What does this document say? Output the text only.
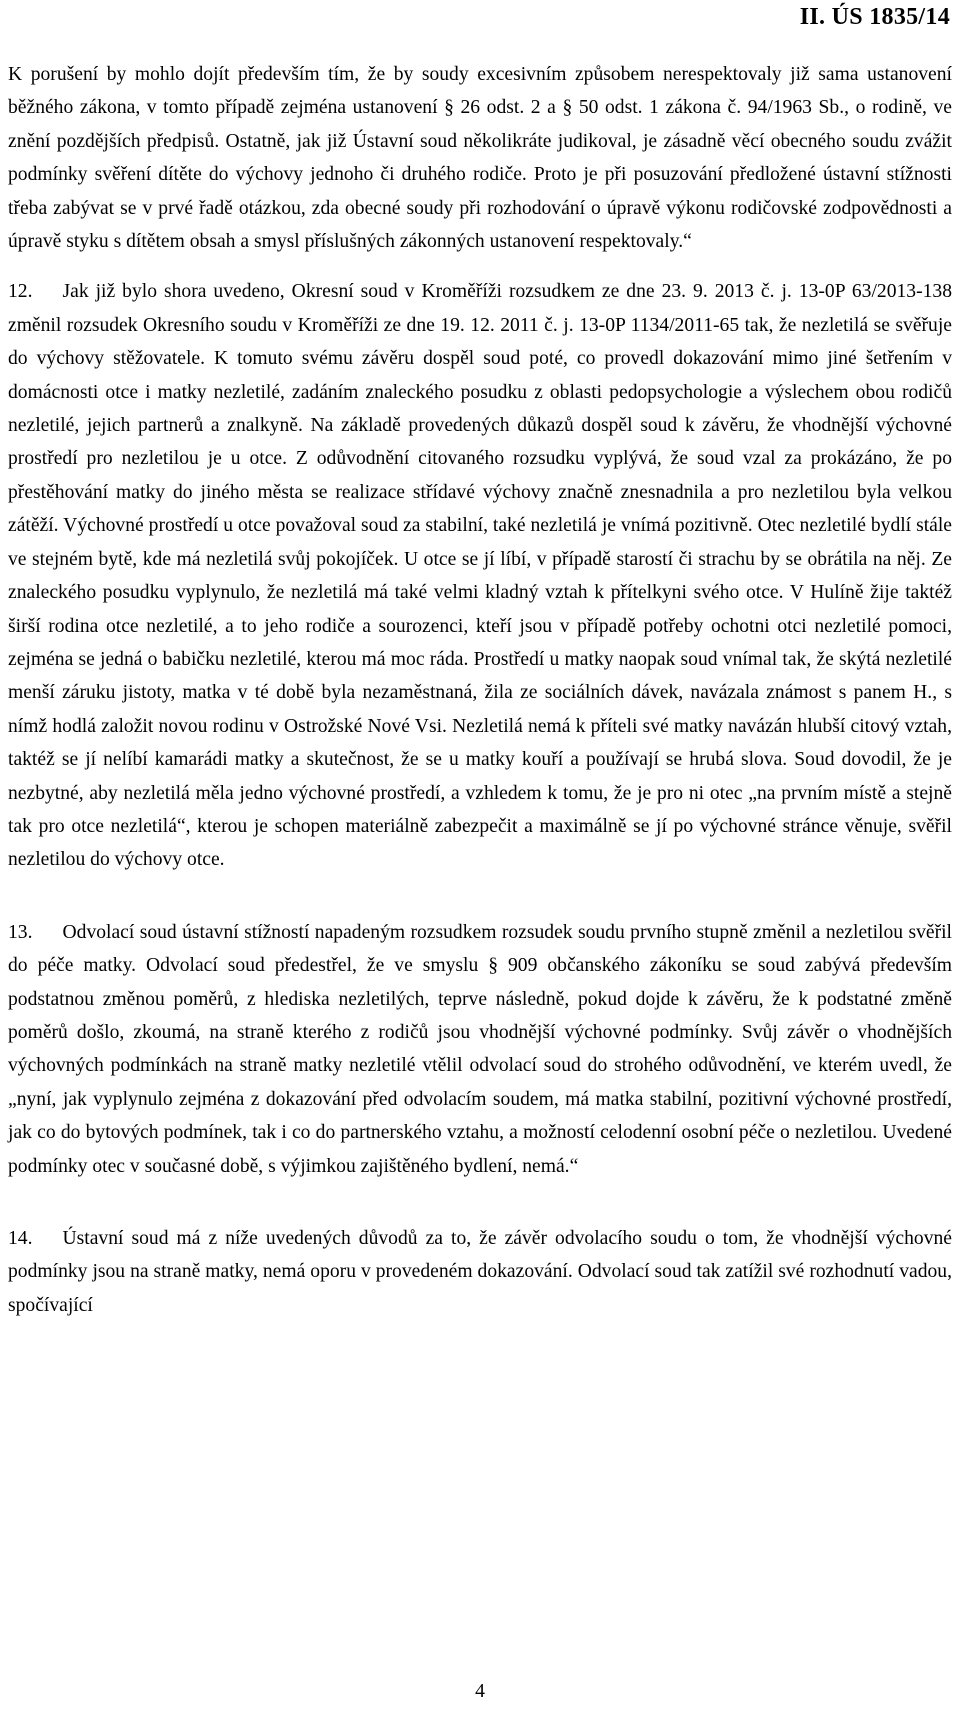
II. ÚS 1835/14

K porušení by mohlo dojít především tím, že by soudy excesivním způsobem nerespektovaly již sama ustanovení běžného zákona, v tomto případě zejména ustanovení § 26 odst. 2 a § 50 odst. 1 zákona č. 94/1963 Sb., o rodině, ve znění pozdějších předpisů. Ostatně, jak již Ústavní soud několikráte judikoval, je zásadně věcí obecného soudu zvážit podmínky svěření dítěte do výchovy jednoho či druhého rodiče. Proto je při posuzování předložené ústavní stížnosti třeba zabývat se v prvé řadě otázkou, zda obecné soudy při rozhodování o úpravě výkonu rodičovské zodpovědnosti a úpravě styku s dítětem obsah a smysl příslušných zákonných ustanovení respektovaly.“

12. Jak již bylo shora uvedeno, Okresní soud v Kroměříži rozsudkem ze dne 23. 9. 2013 č. j. 13-0P 63/2013-138 změnil rozsudek Okresního soudu v Kroměříži ze dne 19. 12. 2011 č. j. 13-0P 1134/2011-65 tak, že nezletilá se svěřuje do výchovy stěžovatele. K tomuto svému závěru dospěl soud poté, co provedl dokazování mimo jiné šetřením v domácnosti otce i matky nezletilé, zadáním znaleckého posudku z oblasti pedopsychologie a výslechem obou rodičů nezletilé, jejich partnerů a znalkyně. Na základě provedených důkazů dospěl soud k závěru, že vhodnější výchovné prostředí pro nezletilou je u otce. Z odůvodnění citovaného rozsudku vyplývá, že soud vzal za prokázáno, že po přestěhování matky do jiného města se realizace střídavé výchovy značně znesnadnila a pro nezletilou byla velkou zátěží. Výchovné prostředí u otce považoval soud za stabilní, také nezletilá je vnímá pozitivně. Otec nezletilé bydlí stále ve stejném bytě, kde má nezletilá svůj pokojíček. U otce se jí líbí, v případě starostí či strachu by se obrátila na něj. Ze znaleckého posudku vyplynulo, že nezletilá má také velmi kladný vztah k přítelkyni svého otce. V Hulíně žije taktéž širší rodina otce nezletilé, a to jeho rodiče a sourozenci, kteří jsou v případě potřeby ochotni otci nezletilé pomoci, zejména se jedná o babičku nezletilé, kterou má moc ráda. Prostředí u matky naopak soud vnímal tak, že skýtá nezletilé menší záruku jistoty, matka v té době byla nezaměstnaná, žila ze sociálních dávek, navázala známost s panem H., s nímž hodlá založit novou rodinu v Ostrožské Nové Vsi. Nezletilá nemá k příteli své matky navázán hlubší citový vztah, taktéž se jí nelíbí kamarádi matky a skutečnost, že se u matky kouří a používají se hrubá slova. Soud dovodil, že je nezbytné, aby nezletilá měla jedno výchovné prostředí, a vzhledem k tomu, že je pro ni otec „na prvním místě a stejně tak pro otce nezletilá“, kterou je schopen materiálně zabezpečit a maximálně se jí po výchovné stránce věnuje, svěřil nezletilou do výchovy otce.

13. Odvolací soud ústavní stížností napadeným rozsudkem rozsudek soudu prvního stupně změnil a nezletilou svěřil do péče matky. Odvolací soud předestřel, že ve smyslu § 909 občanského zákoníku se soud zabývá především podstatnou změnou poměrů, z hlediska nezletilých, teprve následně, pokud dojde k závěru, že k podstatné změně poměrů došlo, zkoumá, na straně kterého z rodičů jsou vhodnější výchovné podmínky. Svůj závěr o vhodnějších výchovných podmínkách na straně matky nezletilé vtělil odvolací soud do strohého odůvodnění, ve kterém uvedl, že „nyní, jak vyplynulo zejména z dokazování před odvolacím soudem, má matka stabilní, pozitivní výchovné prostředí, jak co do bytových podmínek, tak i co do partnerského vztahu, a možností celodenní osobní péče o nezletilou. Uvedené podmínky otec v současné době, s výjimkou zajištěného bydlení, nemá.“

14. Ústavní soud má z níže uvedených důvodů za to, že závěr odvolacího soudu o tom, že vhodnější výchovné podmínky jsou na straně matky, nemá oporu v provedeném dokazování. Odvolací soud tak zatížil své rozhodnutí vadou, spočívající

4
